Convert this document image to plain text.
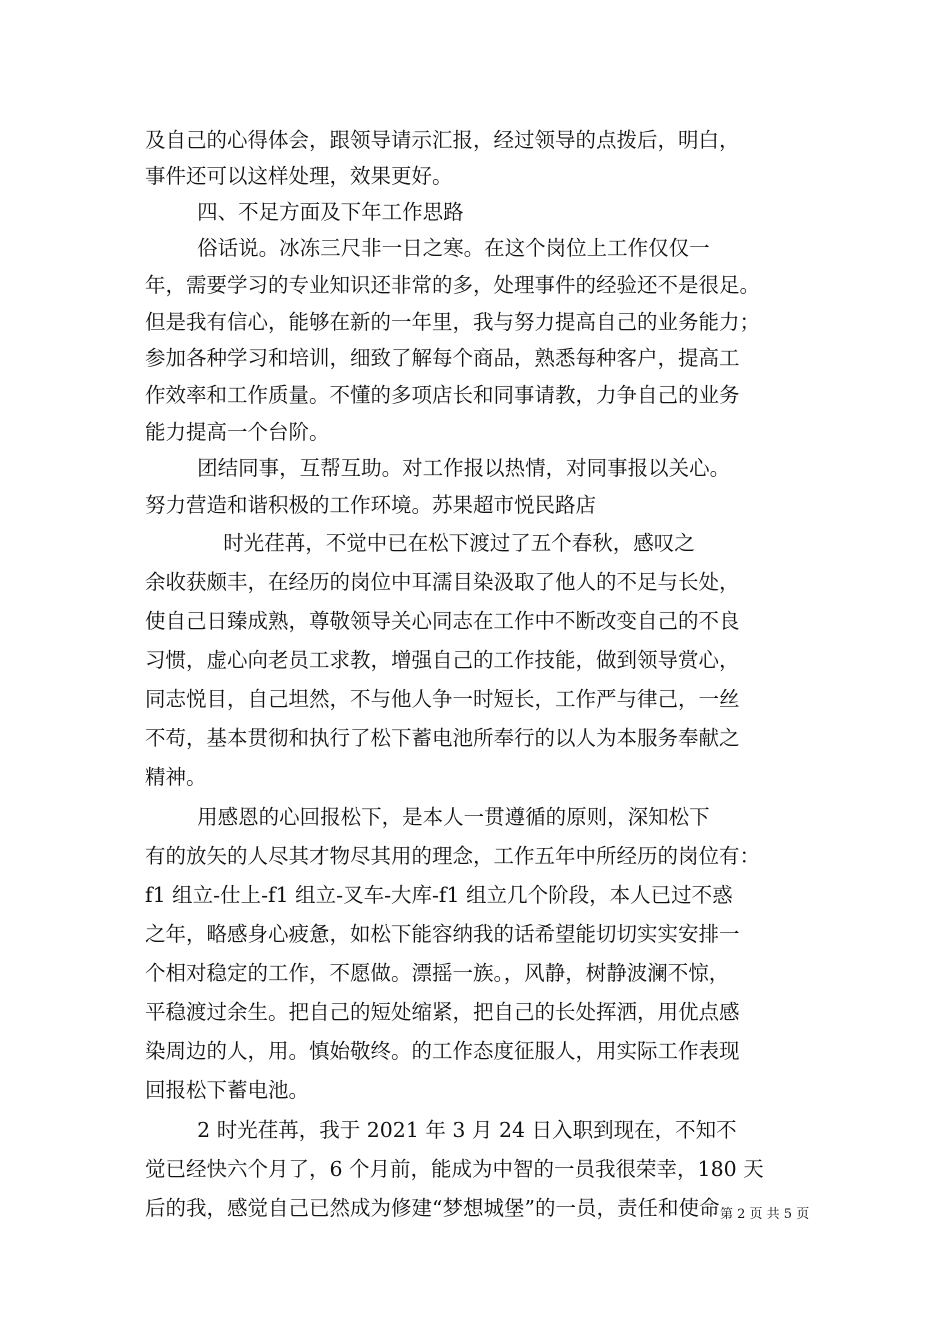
及自己的心得体会，跟领导请示汇报，经过领导的点拨后，明白，
事件还可以这样处理，效果更好。
四、不足方面及下年工作思路
俗话说。冰冻三尺非一日之寒。在这个岗位上工作仅仅一
年，需要学习的专业知识还非常的多，处理事件的经验还不是很足。
但是我有信心，能够在新的一年里，我与努力提高自己的业务能力；
参加各种学习和培训，细致了解每个商品，熟悉每种客户，提高工
作效率和工作质量。不懂的多项店长和同事请教，力争自己的业务
能力提高一个台阶。
团结同事，互帮互助。对工作报以热情，对同事报以关心。
努力营造和谐积极的工作环境。苏果超市悦民路店
时光荏苒，不觉中已在松下渡过了五个春秋，感叹之
余收获颇丰，在经历的岗位中耳濡目染汲取了他人的不足与长处，
使自己日臻成熟，尊敬领导关心同志在工作中不断改变自己的不良
习惯，虚心向老员工求教，增强自己的工作技能，做到领导赏心，
同志悦目，自己坦然，不与他人争一时短长，工作严与律己，一丝
不苟，基本贯彻和执行了松下蓄电池所奉行的以人为本服务奉献之
精神。
用感恩的心回报松下，是本人一贯遵循的原则，深知松下
有的放矢的人尽其才物尽其用的理念，工作五年中所经历的岗位有：
f1 组立-仕上-f1 组立-叉车-大库-f1 组立几个阶段，本人已过不惑
之年，略感身心疲惫，如松下能容纳我的话希望能切切实实安排一
个相对稳定的工作，不愿做。漂摇一族。，风静，树静波澜不惊，
平稳渡过余生。把自己的短处缩紧，把自己的长处挥洒，用优点感
染周边的人，用。慎始敬终。的工作态度征服人，用实际工作表现
回报松下蓄电池。
2 时光荏苒，我于 2021 年 3 月 24 日入职到现在，不知不
觉已经快六个月了，6 个月前，能成为中智的一员我很荣幸，180 天
后的我，感觉自己已然成为修建“梦想城堡”的一员，责任和使命 第 2 页 共 5 页
